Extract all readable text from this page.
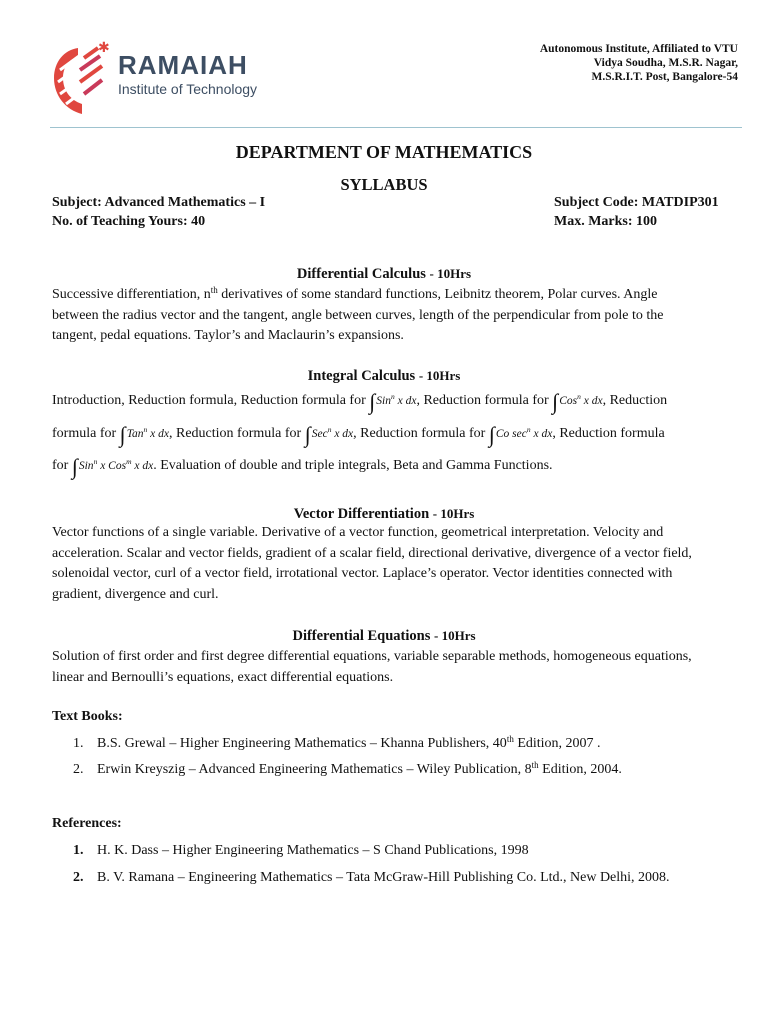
✱
RAMAIAH
Institute of Technology
Autonomous Institute, Affiliated to VTU
Vidya Soudha, M.S.R. Nagar,
M.S.R.I.T. Post, Bangalore-54
DEPARTMENT OF MATHEMATICS
SYLLABUS
Subject: Advanced Mathematics – I
No. of Teaching Yours: 40
Subject Code: MATDIP301
Max. Marks: 100
Differential Calculus - 10Hrs
Successive differentiation, $n^{th}$ derivatives of some standard functions, Leibnitz theorem, Polar curves. Angle
between the radius vector and the tangent, angle between curves, length of the perpendicular from pole to the
tangent, pedal equations. Taylor’s and Maclaurin’s expansions.
Integral Calculus - 10Hrs
Introduction, Reduction formula, Reduction formula for ∫Sin$^n$ x dx, Reduction formula for ∫Cos$^n$ x dx, Reduction
formula for ∫Tan$^n$ x dx, Reduction formula for ∫Sec$^n$ x dx, Reduction formula for ∫Co $\sec^n x$ dx, Reduction formula
for ∫Sin$^n$ x Cos$^m$ x dx. Evaluation of double and triple integrals, Beta and Gamma Functions.
Vector Differentiation - 10Hrs
Vector functions of a single variable. Derivative of a vector function, geometrical interpretation. Velocity and
acceleration. Scalar and vector fields, gradient of a scalar field, directional derivative, divergence of a vector field,
solenoidal vector, curl of a vector field, irrotational vector. Laplace’s operator. Vector identities connected with
gradient, divergence and curl.
Differential Equations - 10Hrs
Solution of first order and first degree differential equations, variable separable methods, homogeneous equations,
linear and Bernoulli’s equations, exact differential equations.
Text Books:
1. B.S. Grewal – Higher Engineering Mathematics – Khanna Publishers, 40th Edition, 2007 .
2. Erwin Kreyszig – Advanced Engineering Mathematics – Wiley Publication, 8th Edition, 2004.
References:
1. H. K. Dass – Higher Engineering Mathematics – S Chand Publications, 1998
2. B. V. Ramana – Engineering Mathematics – Tata McGraw-Hill Publishing Co. Ltd., New Delhi, 2008.
